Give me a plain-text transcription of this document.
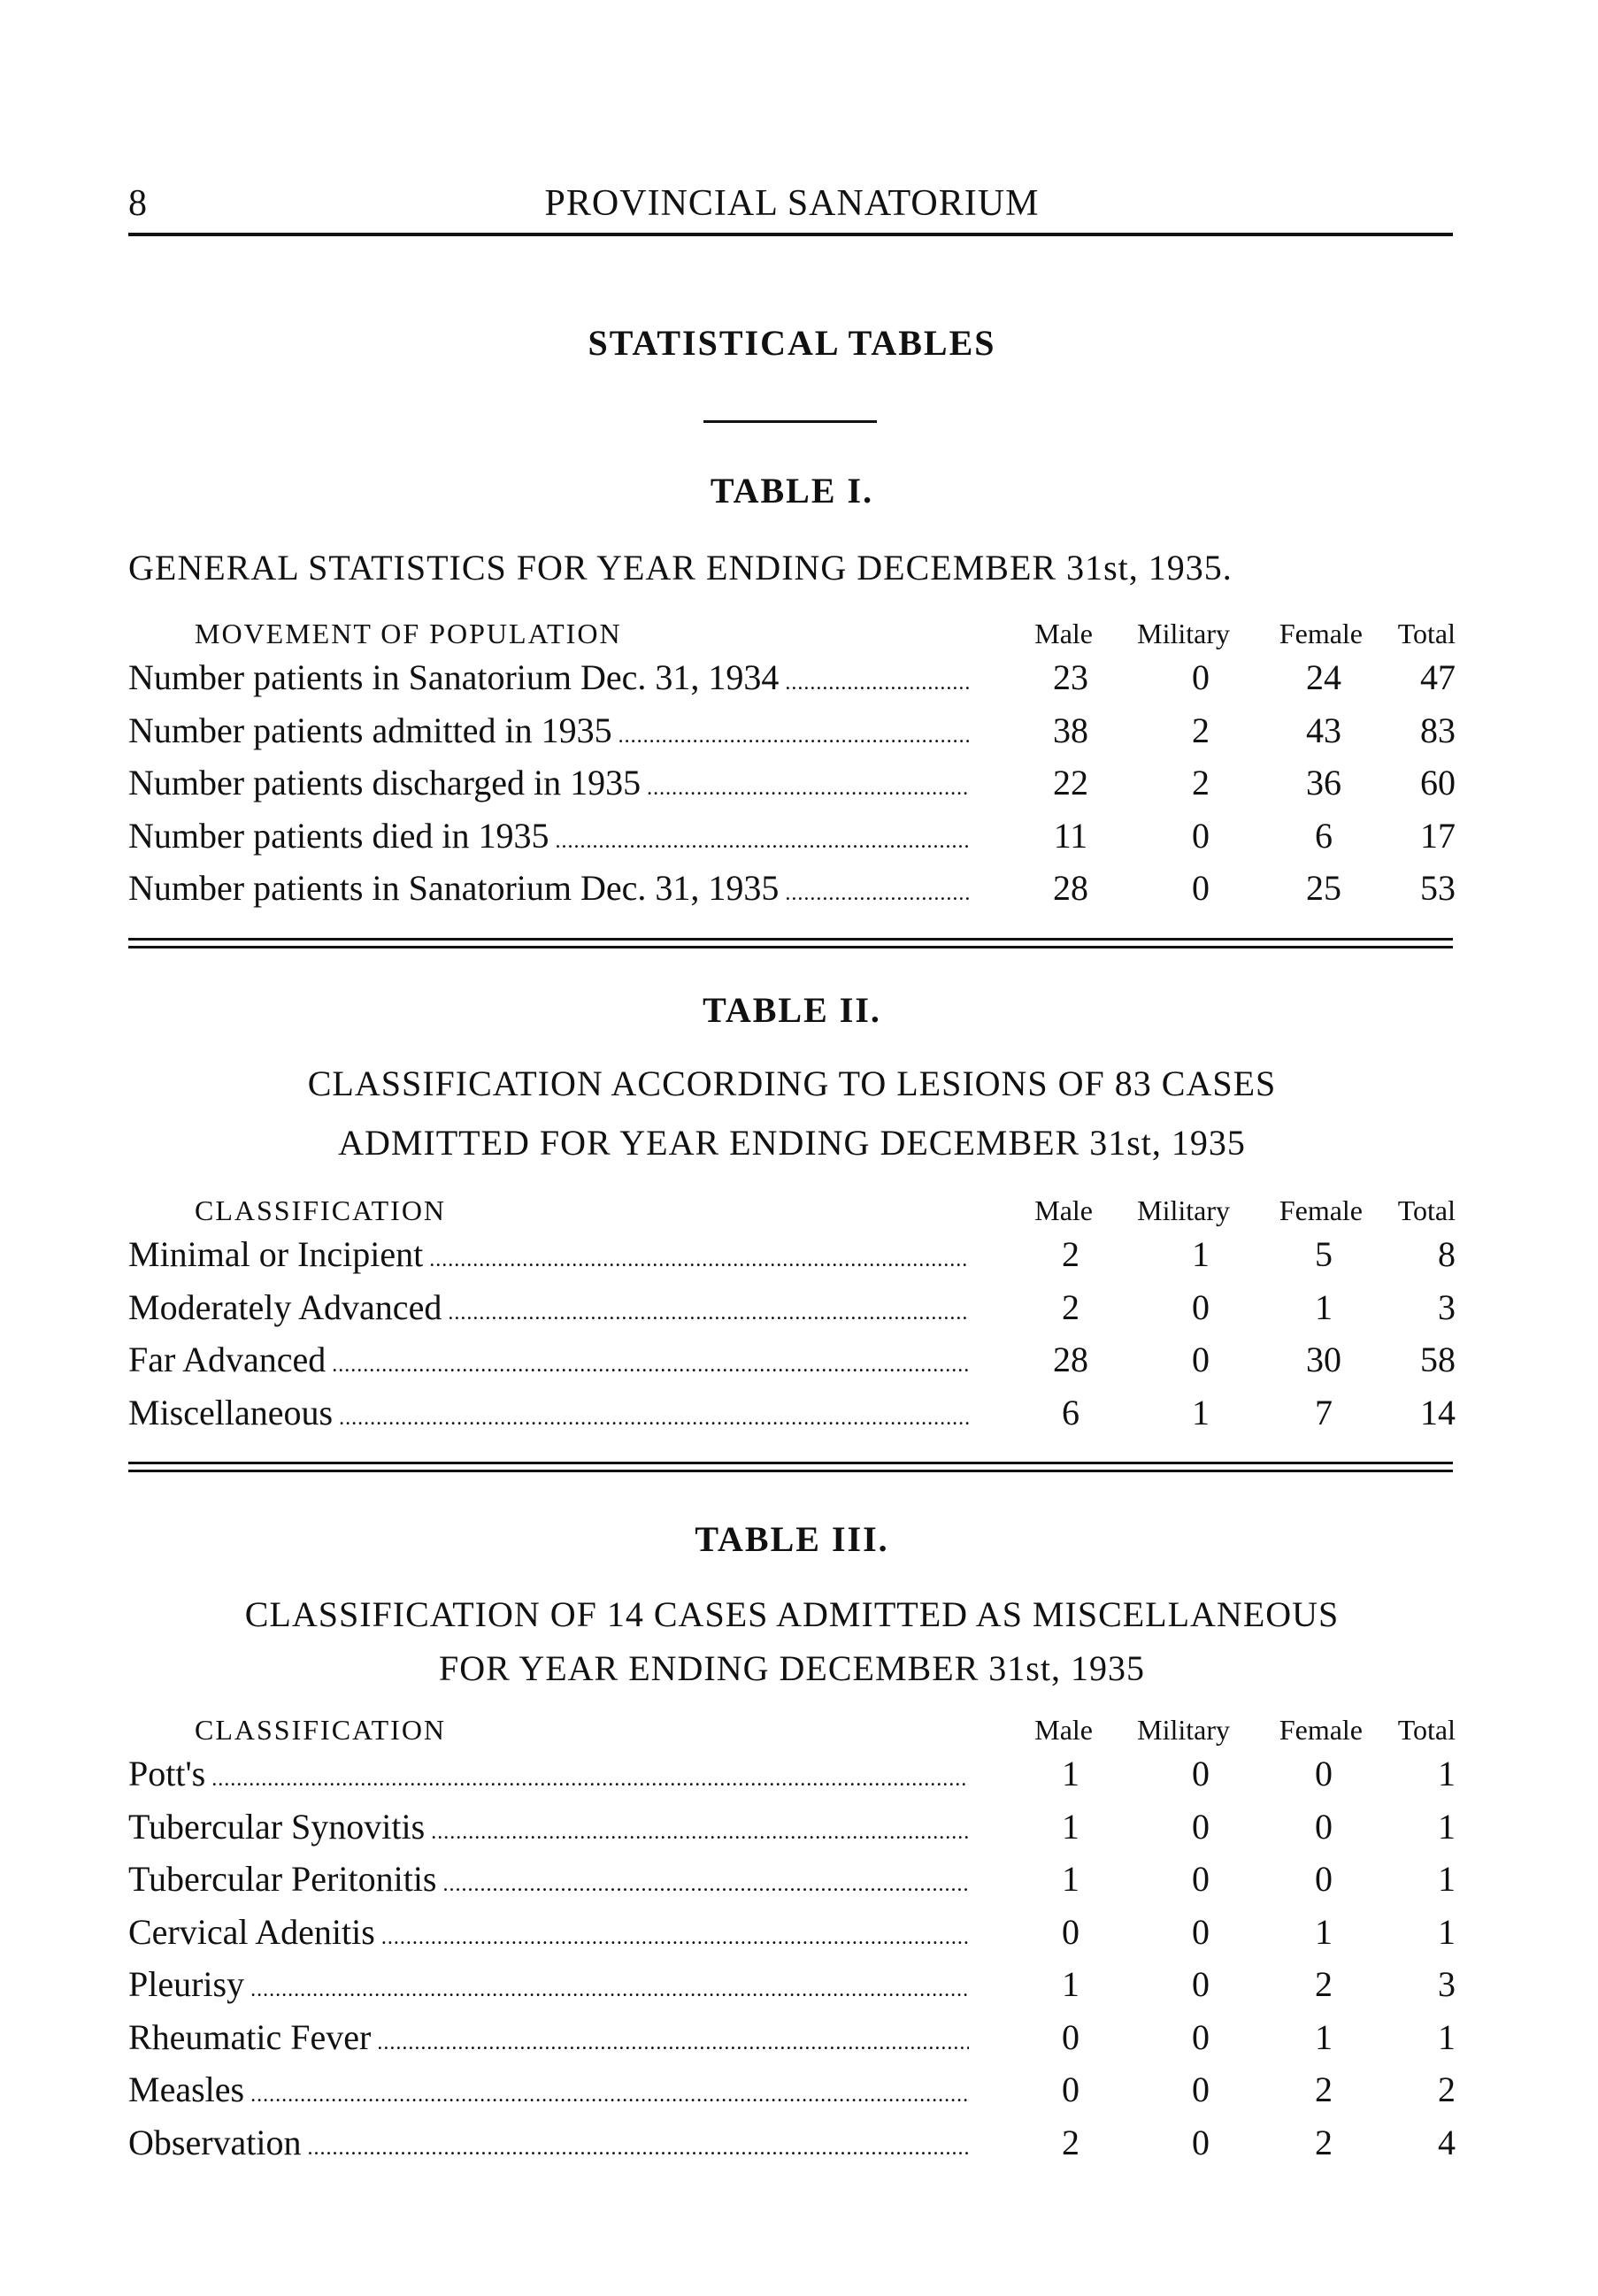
8	PROVINCIAL SANATORIUM
STATISTICAL TABLES
TABLE I.
GENERAL STATISTICS FOR YEAR ENDING DECEMBER 31st, 1935.
MOVEMENT OF POPULATION	Male Military Female Total
Number patients in Sanatorium Dec. 31, 1934 .....	23	0	24	47
Number patients admitted in 1935 .....	38	2	43	83
Number patients discharged in 1935 .....	22	2	36	60
Number patients died in 1935 .....	11	0	6	17
Number patients in Sanatorium Dec. 31, 1935 .....	28	0	25	53
TABLE II.
CLASSIFICATION ACCORDING TO LESIONS OF 83 CASES
ADMITTED FOR YEAR ENDING DECEMBER 31st, 1935
CLASSIFICATION	Male Military Female Total
Minimal or Incipient .....	2	1	5	8
Moderately Advanced .....	2	0	1	3
Far Advanced .....	28	0	30	58
Miscellaneous .....	6	1	7	14
TABLE III.
CLASSIFICATION OF 14 CASES ADMITTED AS MISCELLANEOUS
FOR YEAR ENDING DECEMBER 31st, 1935
CLASSIFICATION	Male Military Female Total
Pott's .....	1	0	0	1
Tubercular Synovitis .....	1	0	0	1
Tubercular Peritonitis .....	1	0	0	1
Cervical Adenitis .....	0	0	1	1
Pleurisy .....	1	0	2	3
Rheumatic Fever .....	0	0	1	1
Measles .....	0	0	2	2
Observation .....	2	0	2	4
